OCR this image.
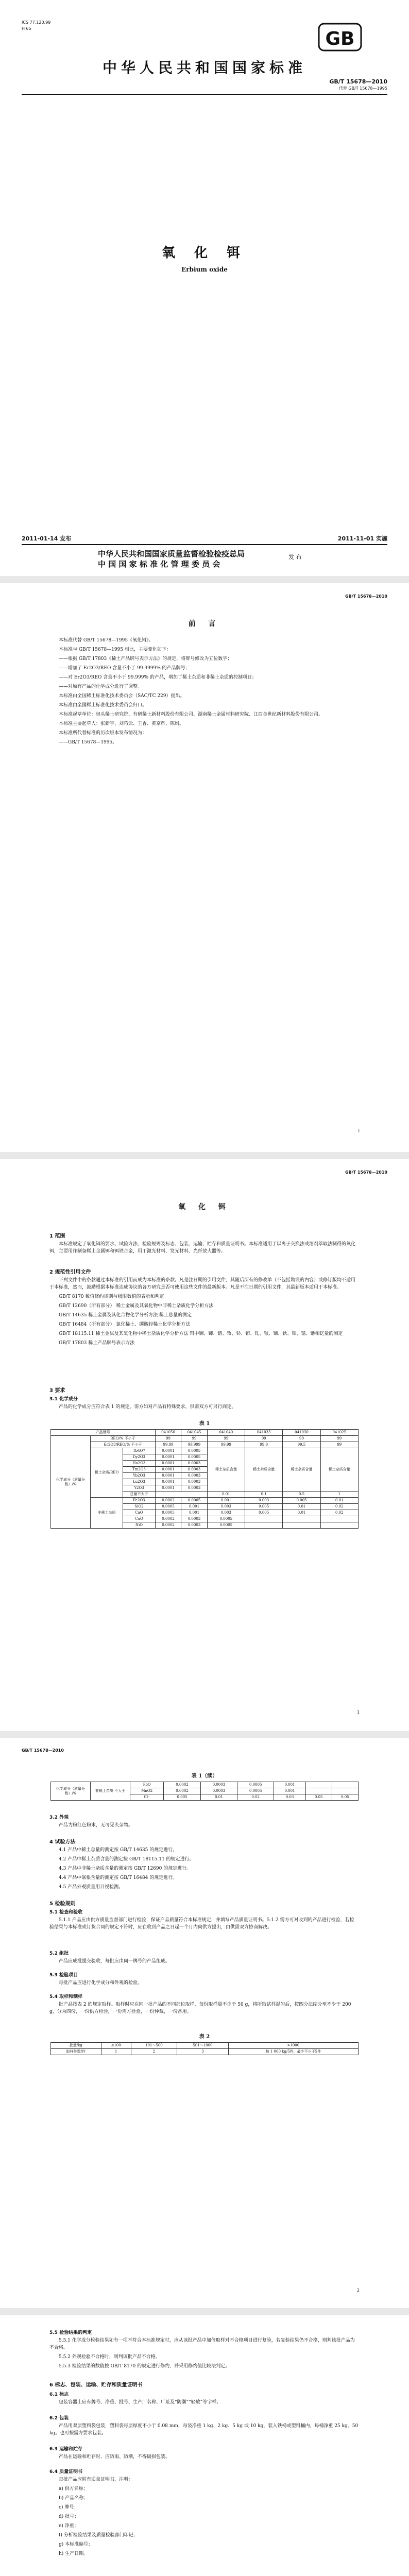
ICS 77.120.99
H 65	GB
中华人民共和国国家标准
GB/T 15678—2010
代替 GB/T 15678—1995
氧 化 铒
Erbium oxide
2011-01-14 发布	2011-11-01 实施
中华人民共和国国家质量监督检验检疫总局
中 国 国 家 标 准 化 管 理 委 员 会
发 布
GB/T 15678—2010
前 言

本标准代替 GB/T 15678—1995《氧化铒》。

本标准与 GB/T 15678—1995 相比，主要变化如下：

——根据 GB/T 17803《稀土产品牌号表示方法》的规定，将牌号修改为五位数字；

——增加了 Er2O3/REO 含量不小于 99.9999% 的产品牌号；

——对 Er2O3/REO 含量不小于 99.999% 的产品，增加了稀土杂质和非稀土杂质的控制项目；

——对原有产品的化学成分进行了调整。

本标准由全国稀土标准化技术委员会（SAC/TC 229）提出。

本标准由全国稀土标准化技术委员会归口。

本标准起草单位：包头稀土研究院、有研稀土新材料股份有限公司、湖南稀土金属材料研究院、江西金世纪新材料股份有限公司。

本标准主要起草人：张新宇、刘巧云、王香、黄京辉、陈娟。

本标准所代替标准的历次版本发布情况为：

——GB/T 15678—1995。

I
GB/T 15678—2010
氧 化 铒
1 范围

本标准规定了氧化铒的要求、试验方法、检验规则及标志、包装、运输、贮存和质量证明书。本标准适用于以离子交换法或溶剂萃取法制得的氧化铒，主要用作制备稀土金属铒和铒铁合金，用于激光材料、发光材料、光纤放大器等。

2 规范性引用文件

下列文件中的条款通过本标准的引用而成为本标准的条款。凡是注日期的引用文件，其随后所有的修改单（不包括勘误的内容）或修订版均不适用于本标准，然而，鼓励根据本标准达成协议的各方研究是否可使用这些文件的最新版本。凡是不注日期的引用文件，其最新版本适用于本标准。

GB/T 8170 数值修约规则与极限数值的表示和判定

GB/T 12690（所有部分） 稀土金属及其氧化物中非稀土杂质化学分析方法

GB/T 14635 稀土金属及其化合物化学分析方法 稀土总量的测定

GB/T 16484（所有部分） 氯化稀土、碳酸轻稀土化学分析方法

GB/T 18115.11 稀土金属及其氧化物中稀土杂质化学分析方法 铒中镧、铈、镨、钕、钐、铕、钆、铽、镝、钬、铥、镱、镥和钇量的测定

GB/T 17803 稀土产品牌号表示方法

3 要求
3.1 化学成分

产品的化学成分应符合表 1 的规定。需方如对产品有特殊要求，供需双方可另行商定。

表 1
产品牌号			041050	041045	041040	041035	041030	041025
化学成分（质量分数）/%	REO/% 不小于		99	99	99	99	99	99
	Er2O3/REO/% 不小于		99.99	99.999	99.99	99.9	99.5	99
	稀土杂质/REO	Tb4O7	0.0001	0.0005	稀土杂质含量	稀土杂质含量	稀土杂质含量	稀土杂质含量
		Dy2O3	0.0001	0.0005				
		Ho2O3	0.0001	0.0003				
		Tm2O3	0.0001	0.0003				
		Yb2O3	0.0001	0.0003				
		Lu2O3	0.0001	0.0003				
		Y2O3	0.0001	0.0003				
		总量不大于			0.01	0.1	0.5	1
	非稀土杂质	Fe2O3	0.0002	0.0005	0.001	0.003	0.005	0.01
		SiO2	0.0005	0.001	0.003	0.005	0.01	0.02
		CaO	0.0005	0.001	0.003	0.005	0.01	0.02
		CuO	0.0002	0.0003	0.0005			
		NiO	0.0002	0.0003	0.0005			
1
GB/T 15678—2010
表 1（续）
化学成分（质量分数）/%	非稀土杂质 不大于	PbO	0.0002	0.0003	0.0005	0.001		
		MnO2	0.0002	0.0003	0.0005	0.001		
		Cl⁻	0.005	0.01	0.02	0.03	0.05	0.05
3.2 外观

产品为粉红色粉末，无可见夹杂物。

4 试验方法

4.1 产品中稀土总量的测定按 GB/T 14635 的规定进行。

4.2 产品中稀土杂质含量的测定按 GB/T 18115.11 的规定进行。

4.3 产品中非稀土杂质含量的测定按 GB/T 12690 的规定进行。

4.4 产品中氯根含量的测定按 GB/T 16484 的规定进行。

4.5 产品外观质量用目视检测。

5 检验规则
5.1 检查和验收

5.1.1 产品应由供方质量监督部门进行检验，保证产品质量符合本标准规定，并填写产品质量证明书。5.1.2 需方可对收到的产品进行检验，若检验结果与本标准或订货合同的规定不符时，应在收到产品之日起一个月内向供方提出，由供需双方协商解决。

5.2 组批

产品应成批提交验收，每批应由同一牌号的产品组成。

5.3 检验项目

每批产品应进行化学成分和外观的检验。

5.4 取样和制样

批产品按表 2 的规定取样。取样时应在同一批产品的不同部位取样，每份取样量不少于 50 g，将所取试样混匀后，按四分法缩分至不少于 200 g，分为四份，一份供方检验，一份需方检验，一份仲裁，一份备用。

表 2
批量/kg	≤100	101～500	501～1000	>1000
取样件数/件	1	2	3	按 1 000 kg/5件，最少不少于5件
2
5.5 检验结果的判定

5.5.1 化学成分检验结果如有一项不符合本标准规定时，应从该批产品中加倍取样对不合格项目进行复验，若复验结果仍不合格，则判该批产品为不合格。

5.5.2 外观检验不合格时，则判该批产品不合格。

5.5.3 检验结果的数值按 GB/T 8170 的规定进行修约，并采用修约值比较法判定。

6 标志、包装、运输、贮存和质量证明书
6.1 标志

包装容器上应有牌号、净重、批号、生产厂名称、厂址及“防潮”“轻放”等字样。

6.2 包装

产品用双层塑料袋包装，塑料袋每层厚度不小于 0.08 mm，每袋净重 1 kg、2 kg、5 kg 或 10 kg，装入铁桶或塑料桶内，每桶净重 25 kg、50 kg。也可按需方要求包装。

6.3 运输和贮存

产品在运输和贮存时，应防雨、防潮，不得破损包装。

6.4 质量证明书

每批产品应附有质量证明书，注明：

a) 供方名称；

b) 产品名称；

c) 牌号；

d) 批号；

e) 净重；

f) 分析检验结果及质量检验部门印记；

g) 本标准编号；

h) 生产日期。
